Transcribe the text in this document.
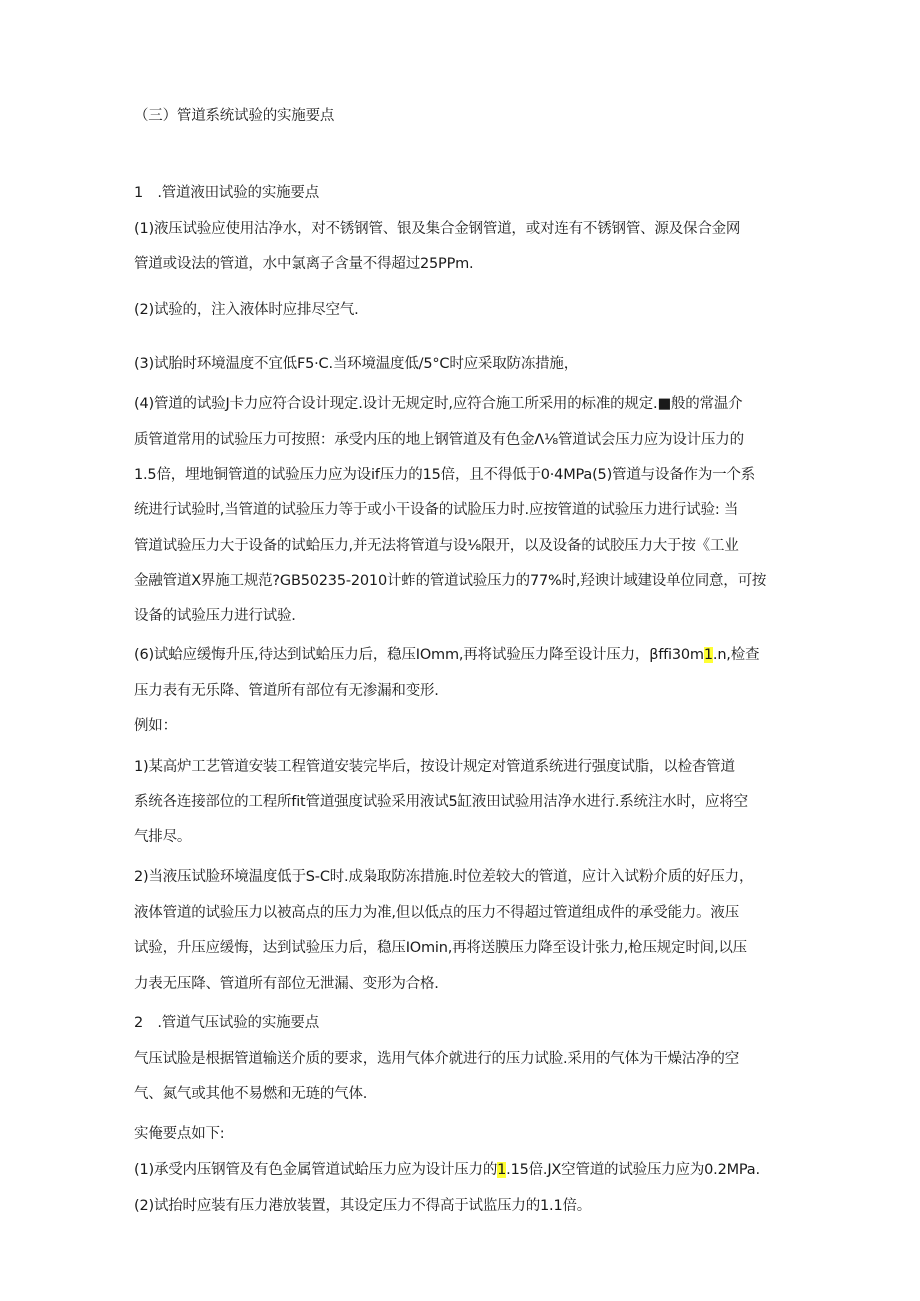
（三）管道系统试验的实施要点
1　.管道液田试验的实施要点
(1)液压试验应使用沽净水，对不锈钢管、银及集合金钢管道，或对连有不锈钢管、源及保合金网
管道或设法的管道，水中氯离子含量不得超过25PPm.
(2)试验的，注入液体时应排尽空气.
(3)试胎时环境温度不宜低F5·C.当环境温度低/5°C时应采取防冻措施，
(4)管道的试验J卡力应符合设计现定.设计无规定时,应符合施工所采用的标准的规定.■般的常温介
质管道常用的试验压力可按照：承受内压的地上钢管道及有色金Λ⅛管道试会压力应为设计压力的
1.5倍，埋地铜管道的试验压力应为设if压力的15倍，且不得低于0·4MPa(5)管道与设备作为一个系
统进行试验时,当管道的试验压力等于或小干设备的试脸压力时.应按管道的试验压力进行试验: 当
管道试验压力大于设备的试蛤压力,并无法将管道与设⅛限开，以及设备的试胶压力大于按《工业
金融管道X界施工规范?GB50235-2010计蚱的管道试验压力的77%时,羟谀计域建设单位同意，可按
设备的试验压力进行试验.
(6)试蛤应缓悔升压,待达到试蛤压力后，稳压IOmm,再将试验压力降至设计压力，βffi30m1.n,检查
压力表有无乐降、管道所有部位有无渗漏和变形.
例如：
1)某高炉工艺管道安装工程管道安装完毕后，按设计规定对管道系统进行强度试脂，以检杳管道
系统各连接部位的工程所fit管道强度试验采用液试5缸液田试验用洁净水进行.系统注水时，应将空
气排尽。
2)当液压试脸环境温度低于S-C时.成枭取防冻措施.时位差较大的管道，应计入试粉介质的好压力，
液体管道的试验压力以被高点的压力为准,但以低点的压力不得超过管道组成件的承受能力。液压
试验，升压应缓悔，达到试验压力后，稳压IOmin,再将送膜压力降至设计张力,枪压规定时间,以压
力表无压降、管道所有部位无泄漏、变形为合格.
2　.管道气压试验的实施要点
气压试脸是根据管道输送介质的要求，选用气体介就进行的压力试脸.采用的气体为干燥沽净的空
气、氮气或其他不易燃和无琏的气体.
实俺要点如下:
(1)承受内压钢管及有色金属管道试蛤压力应为设计压力的1.15倍.JX空管道的试验压力应为0.2MPa.
(2)试抬时应装有压力港放装置，其设定压力不得高于试监压力的1.1倍。
